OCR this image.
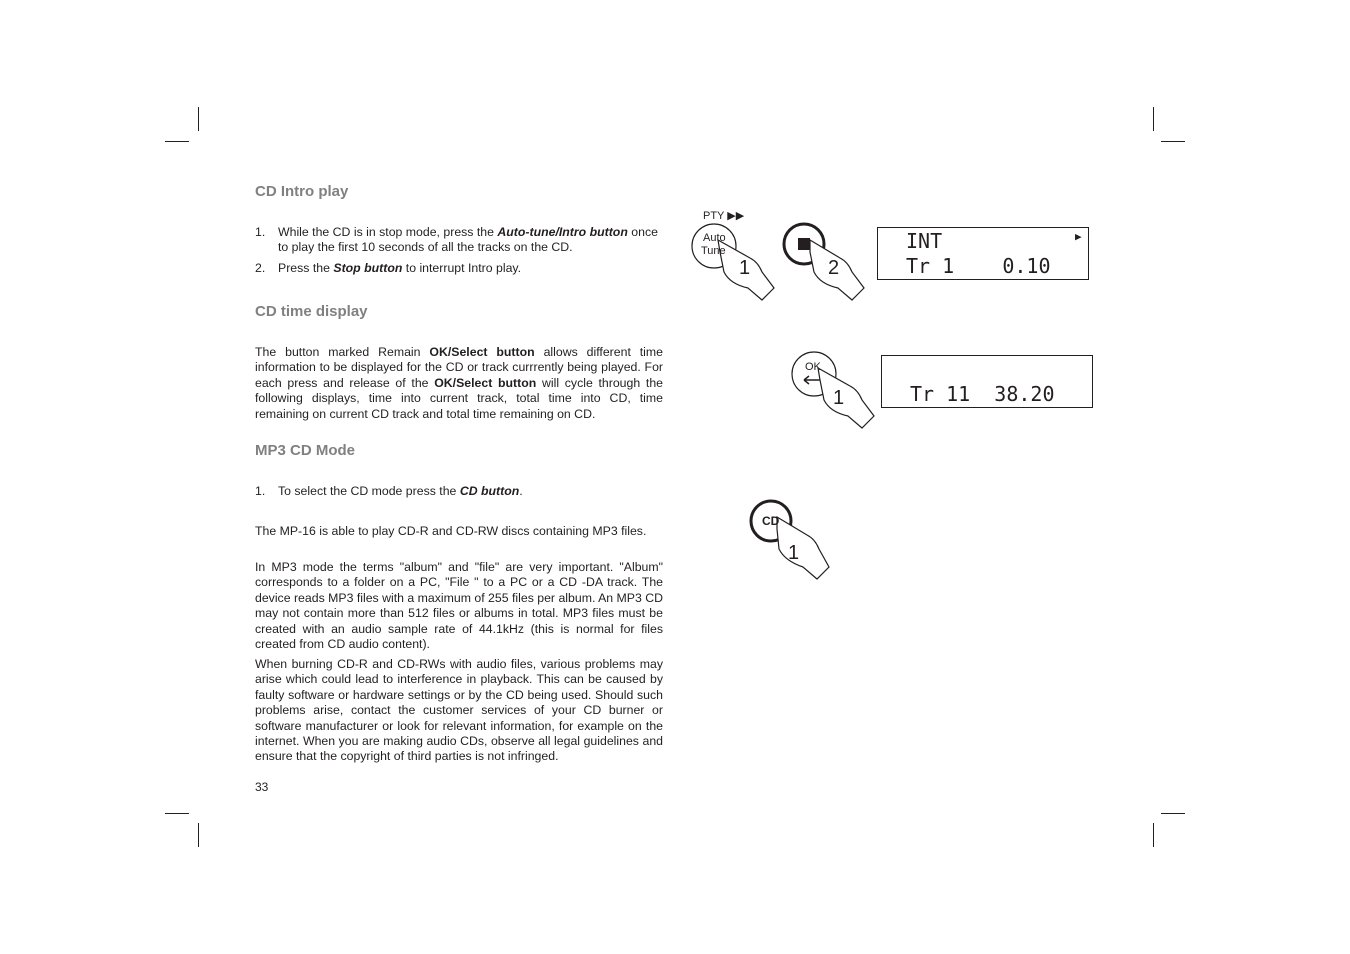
CD Intro play
1. While the CD is in stop mode, press the Auto-tune/Intro button once to play the first 10 seconds of all the tracks on the CD.
2. Press the Stop button to interrupt Intro play.
CD time display
The button marked Remain OK/Select button allows different time information to be displayed for the CD or track currrently being played. For each press and release of the OK/Select button will cycle through the following displays, time into current track, total time into CD, time remaining on current CD track and total time remaining on CD.
MP3 CD Mode
1. To select the CD mode press the CD button.
The MP-16 is able to play CD-R and CD-RW discs containing MP3 files.
In MP3 mode the terms "album" and "file" are very important. "Album" corresponds to a folder on a PC, "File " to a PC or a CD -DA track. The device reads MP3 files with a maximum of 255 files per album. An MP3 CD may not contain more than 512 files or albums in total. MP3 files must be created with an audio sample rate of 44.1kHz (this is normal for files created from CD audio content).
When burning CD-R and CD-RWs with audio files, various problems may arise which could lead to interference in playback. This can be caused by faulty software or hardware settings or by the CD being used. Should such problems arise, contact the customer services of your CD burner or software manufacturer or look for relevant information, for example on the internet. When you are making audio CDs, observe all legal guidelines and ensure that the copyright of third parties is not infringed.
33
PTY ▶▶
Auto
Tune
1	2
INT	▶
Tr 1    0.10
OK
1	Tr 11  38.20
CD
1
